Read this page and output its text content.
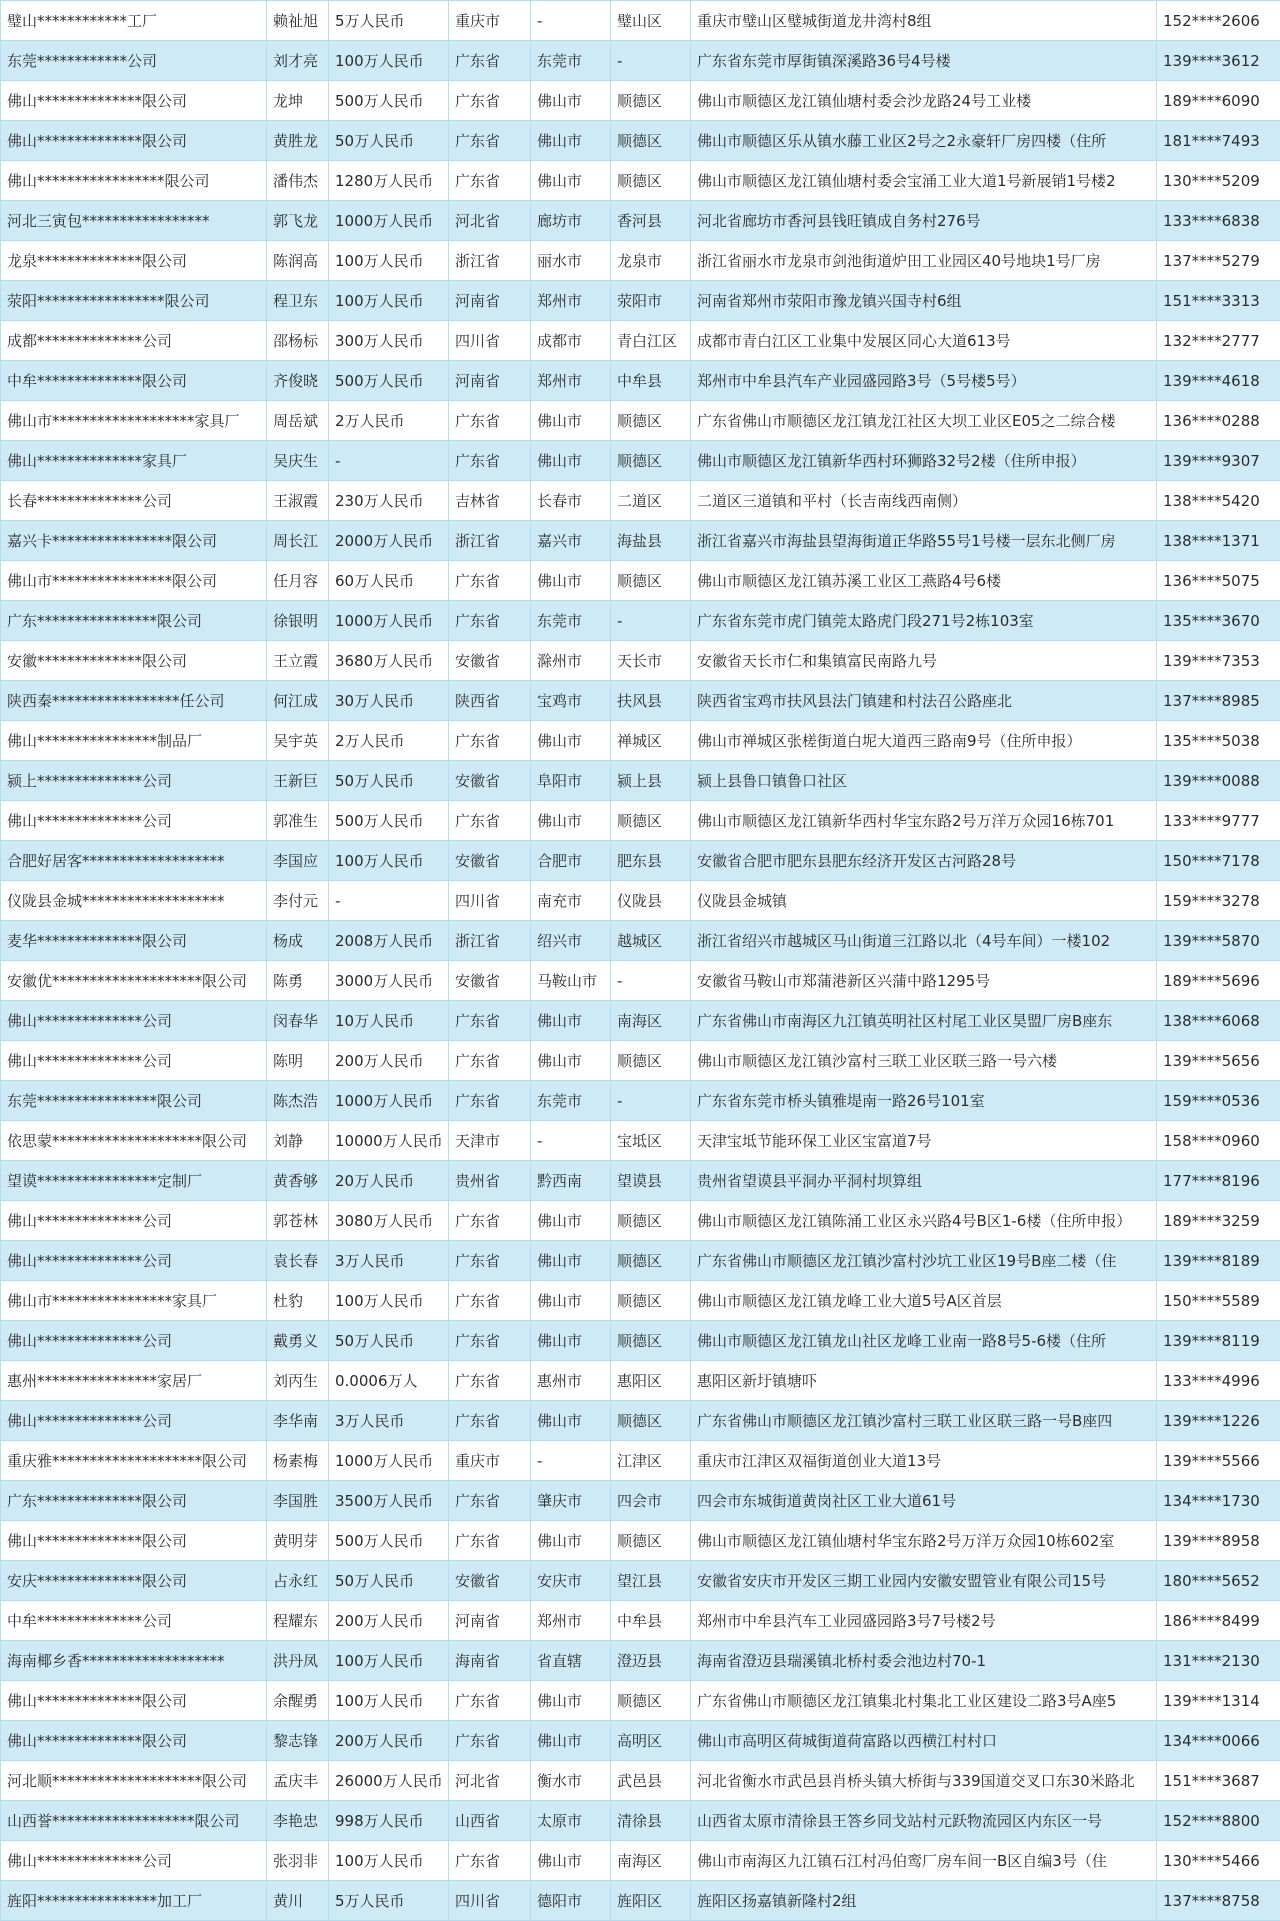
璧山************工厂	赖祉旭	5万人民币	重庆市	-	璧山区	重庆市璧山区璧城街道龙井湾村8组	152****2606
东莞************公司	刘才亮	100万人民币	广东省	东莞市	-	广东省东莞市厚街镇深溪路36号4号楼	139****3612
佛山**************限公司	龙坤	500万人民币	广东省	佛山市	顺德区	佛山市顺德区龙江镇仙塘村委会沙龙路24号工业楼	189****6090
佛山**************限公司	黄胜龙	50万人民币	广东省	佛山市	顺德区	佛山市顺德区乐从镇水藤工业区2号之2永豪轩厂房四楼（住所	181****7493
佛山*****************限公司	潘伟杰	1280万人民币	广东省	佛山市	顺德区	佛山市顺德区龙江镇仙塘村委会宝涌工业大道1号新展销1号楼2	130****5209
河北三寅包*****************	郭飞龙	1000万人民币	河北省	廊坊市	香河县	河北省廊坊市香河县钱旺镇成自务村276号	133****6838
龙泉**************限公司	陈润高	100万人民币	浙江省	丽水市	龙泉市	浙江省丽水市龙泉市剑池街道炉田工业园区40号地块1号厂房	137****5279
荥阳*****************限公司	程卫东	100万人民币	河南省	郑州市	荥阳市	河南省郑州市荥阳市豫龙镇兴国寺村6组	151****3313
成都**************公司	邵杨标	300万人民币	四川省	成都市	青白江区	成都市青白江区工业集中发展区同心大道613号	132****2777
中牟**************限公司	齐俊晓	500万人民币	河南省	郑州市	中牟县	郑州市中牟县汽车产业园盛园路3号（5号楼5号）	139****4618
佛山市*******************家具厂	周岳斌	2万人民币	广东省	佛山市	顺德区	广东省佛山市顺德区龙江镇龙江社区大坝工业区E05之二综合楼	136****0288
佛山**************家具厂	吴庆生	-	广东省	佛山市	顺德区	佛山市顺德区龙江镇新华西村环狮路32号2楼（住所申报）	139****9307
长春**************公司	王淑霞	230万人民币	吉林省	长春市	二道区	二道区三道镇和平村（长吉南线西南侧）	138****5420
嘉兴卡****************限公司	周长江	2000万人民币	浙江省	嘉兴市	海盐县	浙江省嘉兴市海盐县望海街道正华路55号1号楼一层东北侧厂房	138****1371
佛山市****************限公司	任月容	60万人民币	广东省	佛山市	顺德区	佛山市顺德区龙江镇苏溪工业区工燕路4号6楼	136****5075
广东****************限公司	徐银明	1000万人民币	广东省	东莞市	-	广东省东莞市虎门镇莞太路虎门段271号2栋103室	135****3670
安徽**************限公司	王立霞	3680万人民币	安徽省	滁州市	天长市	安徽省天长市仁和集镇富民南路九号	139****7353
陕西秦*****************任公司	何江成	30万人民币	陕西省	宝鸡市	扶风县	陕西省宝鸡市扶风县法门镇建和村法召公路座北	137****8985
佛山****************制品厂	吴宇英	2万人民币	广东省	佛山市	禅城区	佛山市禅城区张槎街道白坭大道西三路南9号（住所申报）	135****5038
颍上**************公司	王新巨	50万人民币	安徽省	阜阳市	颍上县	颍上县鲁口镇鲁口社区	139****0088
佛山**************公司	郭准生	500万人民币	广东省	佛山市	顺德区	佛山市顺德区龙江镇新华西村华宝东路2号万洋万众园16栋701	133****9777
合肥好居客*******************	李国应	100万人民币	安徽省	合肥市	肥东县	安徽省合肥市肥东县肥东经济开发区古河路28号	150****7178
仪陇县金城*******************	李付元	-	四川省	南充市	仪陇县	仪陇县金城镇	159****3278
麦华**************限公司	杨成	2008万人民币	浙江省	绍兴市	越城区	浙江省绍兴市越城区马山街道三江路以北（4号车间）一楼102	139****5870
安徽优********************限公司	陈勇	3000万人民币	安徽省	马鞍山市	-	安徽省马鞍山市郑蒲港新区兴蒲中路1295号	189****5696
佛山**************公司	闵春华	10万人民币	广东省	佛山市	南海区	广东省佛山市南海区九江镇英明社区村尾工业区昊盟厂房B座东	138****6068
佛山**************公司	陈明	200万人民币	广东省	佛山市	顺德区	佛山市顺德区龙江镇沙富村三联工业区联三路一号六楼	139****5656
东莞****************限公司	陈杰浩	1000万人民币	广东省	东莞市	-	广东省东莞市桥头镇雅堤南一路26号101室	159****0536
依思蒙********************限公司	刘静	10000万人民币	天津市	-	宝坻区	天津宝坻节能环保工业区宝富道7号	158****0960
望谟****************定制厂	黄香够	20万人民币	贵州省	黔西南	望谟县	贵州省望谟县平洞办平洞村坝算组	177****8196
佛山**************公司	郭苍林	3080万人民币	广东省	佛山市	顺德区	佛山市顺德区龙江镇陈涌工业区永兴路4号B区1-6楼（住所申报）	189****3259
佛山**************公司	袁长春	3万人民币	广东省	佛山市	顺德区	广东省佛山市顺德区龙江镇沙富村沙坑工业区19号B座二楼（住	139****8189
佛山市****************家具厂	杜豹	100万人民币	广东省	佛山市	顺德区	佛山市顺德区龙江镇龙峰工业大道5号A区首层	150****5589
佛山**************公司	戴勇义	50万人民币	广东省	佛山市	顺德区	佛山市顺德区龙江镇龙山社区龙峰工业南一路8号5-6楼（住所	139****8119
惠州****************家居厂	刘丙生	0.0006万人	广东省	惠州市	惠阳区	惠阳区新圩镇塘吓	133****4996
佛山**************公司	李华南	3万人民币	广东省	佛山市	顺德区	广东省佛山市顺德区龙江镇沙富村三联工业区联三路一号B座四	139****1226
重庆雅********************限公司	杨素梅	1000万人民币	重庆市	-	江津区	重庆市江津区双福街道创业大道13号	139****5566
广东**************限公司	李国胜	3500万人民币	广东省	肇庆市	四会市	四会市东城街道黄岗社区工业大道61号	134****1730
佛山**************限公司	黄明芽	500万人民币	广东省	佛山市	顺德区	佛山市顺德区龙江镇仙塘村华宝东路2号万洋万众园10栋602室	139****8958
安庆**************限公司	占永红	50万人民币	安徽省	安庆市	望江县	安徽省安庆市开发区三期工业园内安徽安盟管业有限公司15号	180****5652
中牟**************公司	程耀东	200万人民币	河南省	郑州市	中牟县	郑州市中牟县汽车工业园盛园路3号7号楼2号	186****8499
海南椰乡香*******************	洪丹凤	100万人民币	海南省	省直辖	澄迈县	海南省澄迈县瑞溪镇北桥村委会池边村70-1	131****2130
佛山**************限公司	余醒勇	100万人民币	广东省	佛山市	顺德区	广东省佛山市顺德区龙江镇集北村集北工业区建设二路3号A座5	139****1314
佛山**************限公司	黎志锋	200万人民币	广东省	佛山市	高明区	佛山市高明区荷城街道荷富路以西横江村村口	134****0066
河北顺********************限公司	孟庆丰	26000万人民币	河北省	衡水市	武邑县	河北省衡水市武邑县肖桥头镇大桥街与339国道交叉口东30米路北	151****3687
山西誉*******************限公司	李艳忠	998万人民币	山西省	太原市	清徐县	山西省太原市清徐县王答乡同戈站村元跃物流园区内东区一号	152****8800
佛山**************公司	张羽非	100万人民币	广东省	佛山市	南海区	佛山市南海区九江镇石江村冯伯鸾厂房车间一B区自编3号（住	130****5466
旌阳****************加工厂	黄川	5万人民币	四川省	德阳市	旌阳区	旌阳区扬嘉镇新隆村2组	137****8758
